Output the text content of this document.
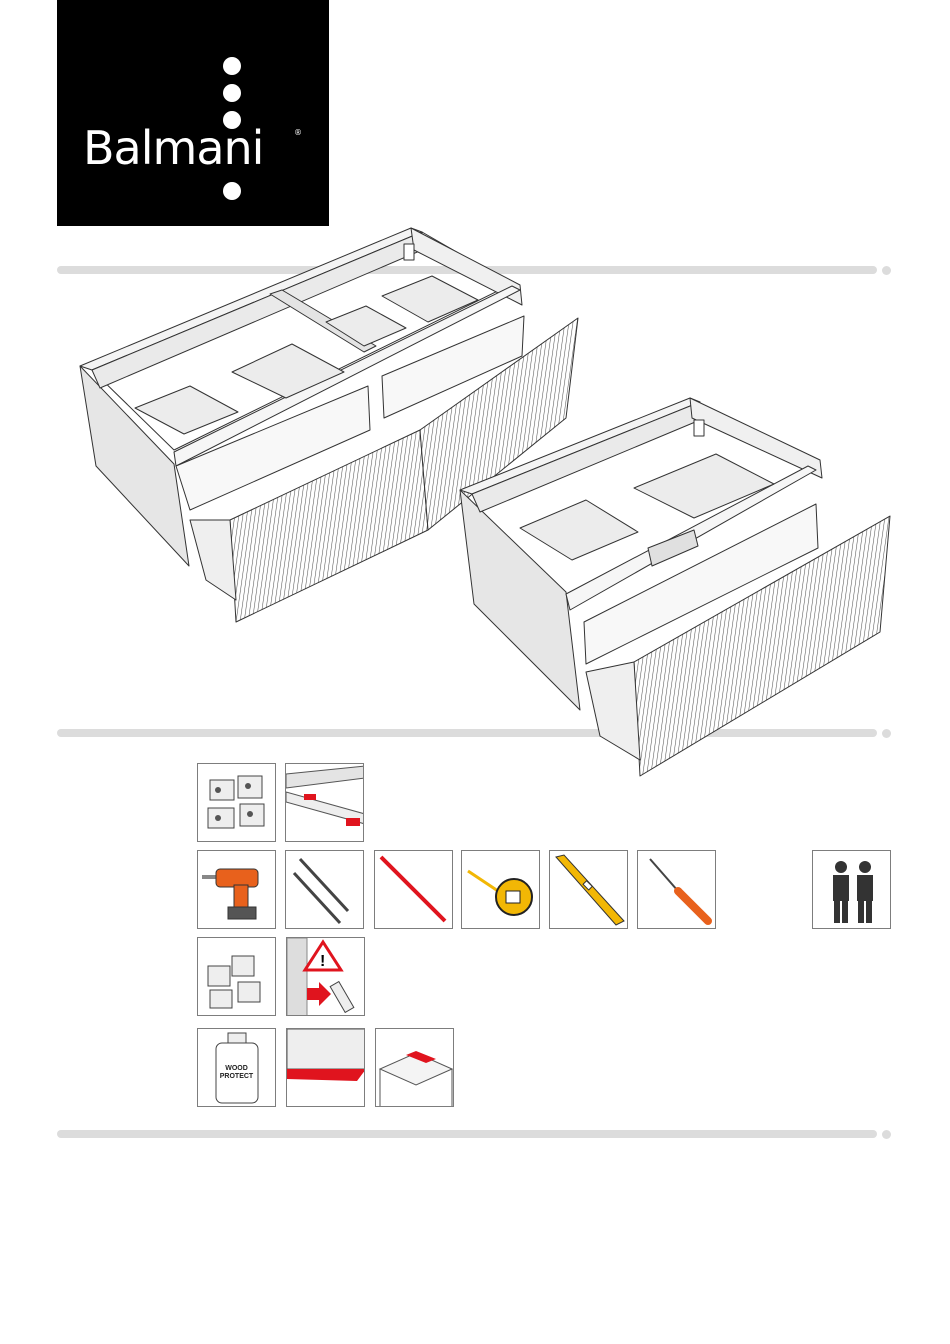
®
Balmani
!
WOOD
PROTECT
